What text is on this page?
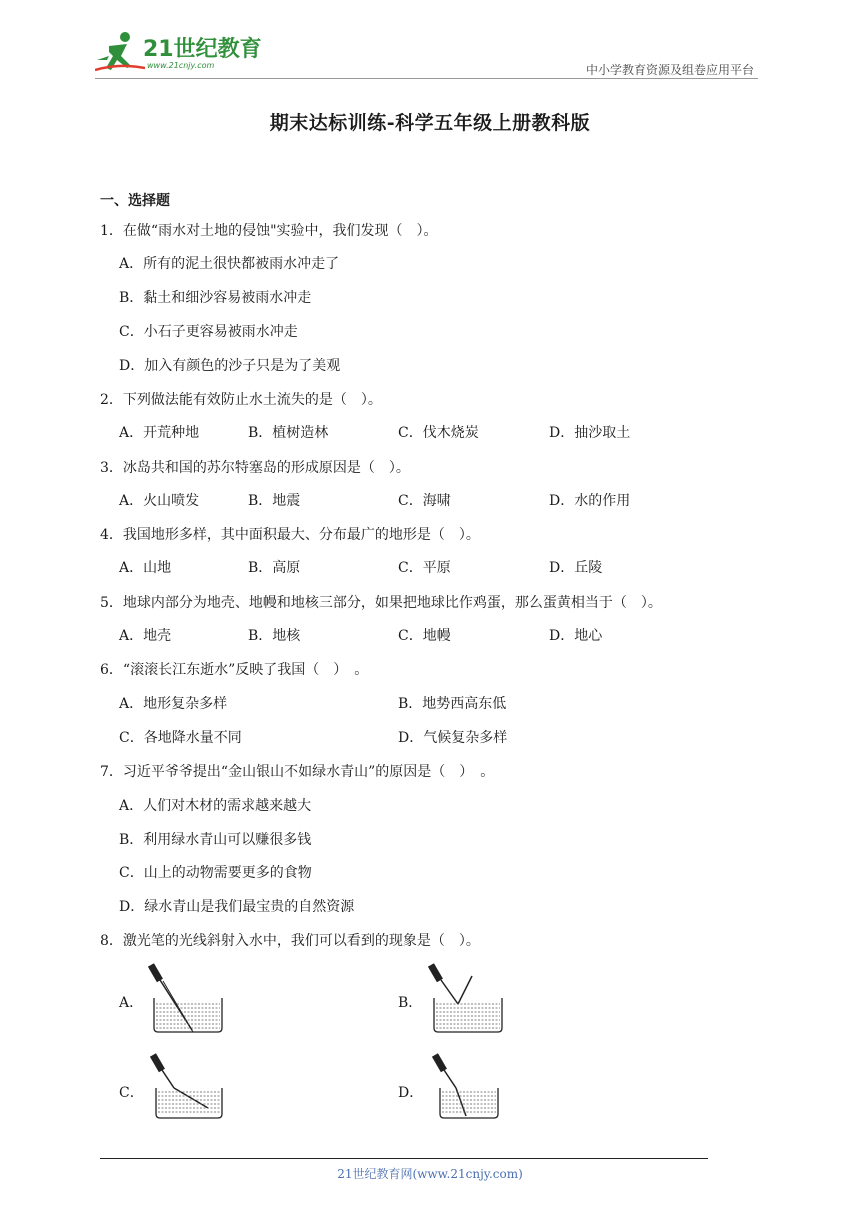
21世纪教育
www.21cnjy.com	中小学教育资源及组卷应用平台
期末达标训练-科学五年级上册教科版
一、选择题
1．在做“雨水对土地的侵蚀"实验中，我们发现（　）。
A．所有的泥土很快都被雨水冲走了
B．黏土和细沙容易被雨水冲走
C．小石子更容易被雨水冲走
D．加入有颜色的沙子只是为了美观
2．下列做法能有效防止水土流失的是（　）。
A．开荒种地	B．植树造林	C．伐木烧炭	D．抽沙取土
3．冰岛共和国的苏尔特塞岛的形成原因是（　）。
A．火山喷发	B．地震	C．海啸	D．水的作用
4．我国地形多样，其中面积最大、分布最广的地形是（　）。
A．山地	B．高原	C．平原	D．丘陵
5．地球内部分为地壳、地幔和地核三部分，如果把地球比作鸡蛋，那么蛋黄相当于（　）。
A．地壳	B．地核	C．地幔	D．地心
6．“滚滚长江东逝水”反映了我国（　）　。
A．地形复杂多样	B．地势西高东低
C．各地降水量不同	D．气候复杂多样
7．习近平爷爷提出“金山银山不如绿水青山”的原因是（　）　。
A．人们对木材的需求越来越大
B．利用绿水青山可以赚很多钱
C．山上的动物需要更多的食物
D．绿水青山是我们最宝贵的自然资源
8．激光笔的光线斜射入水中，我们可以看到的现象是（　）。
A．	B．
C．	D．
21世纪教育网(www.21cnjy.com)
